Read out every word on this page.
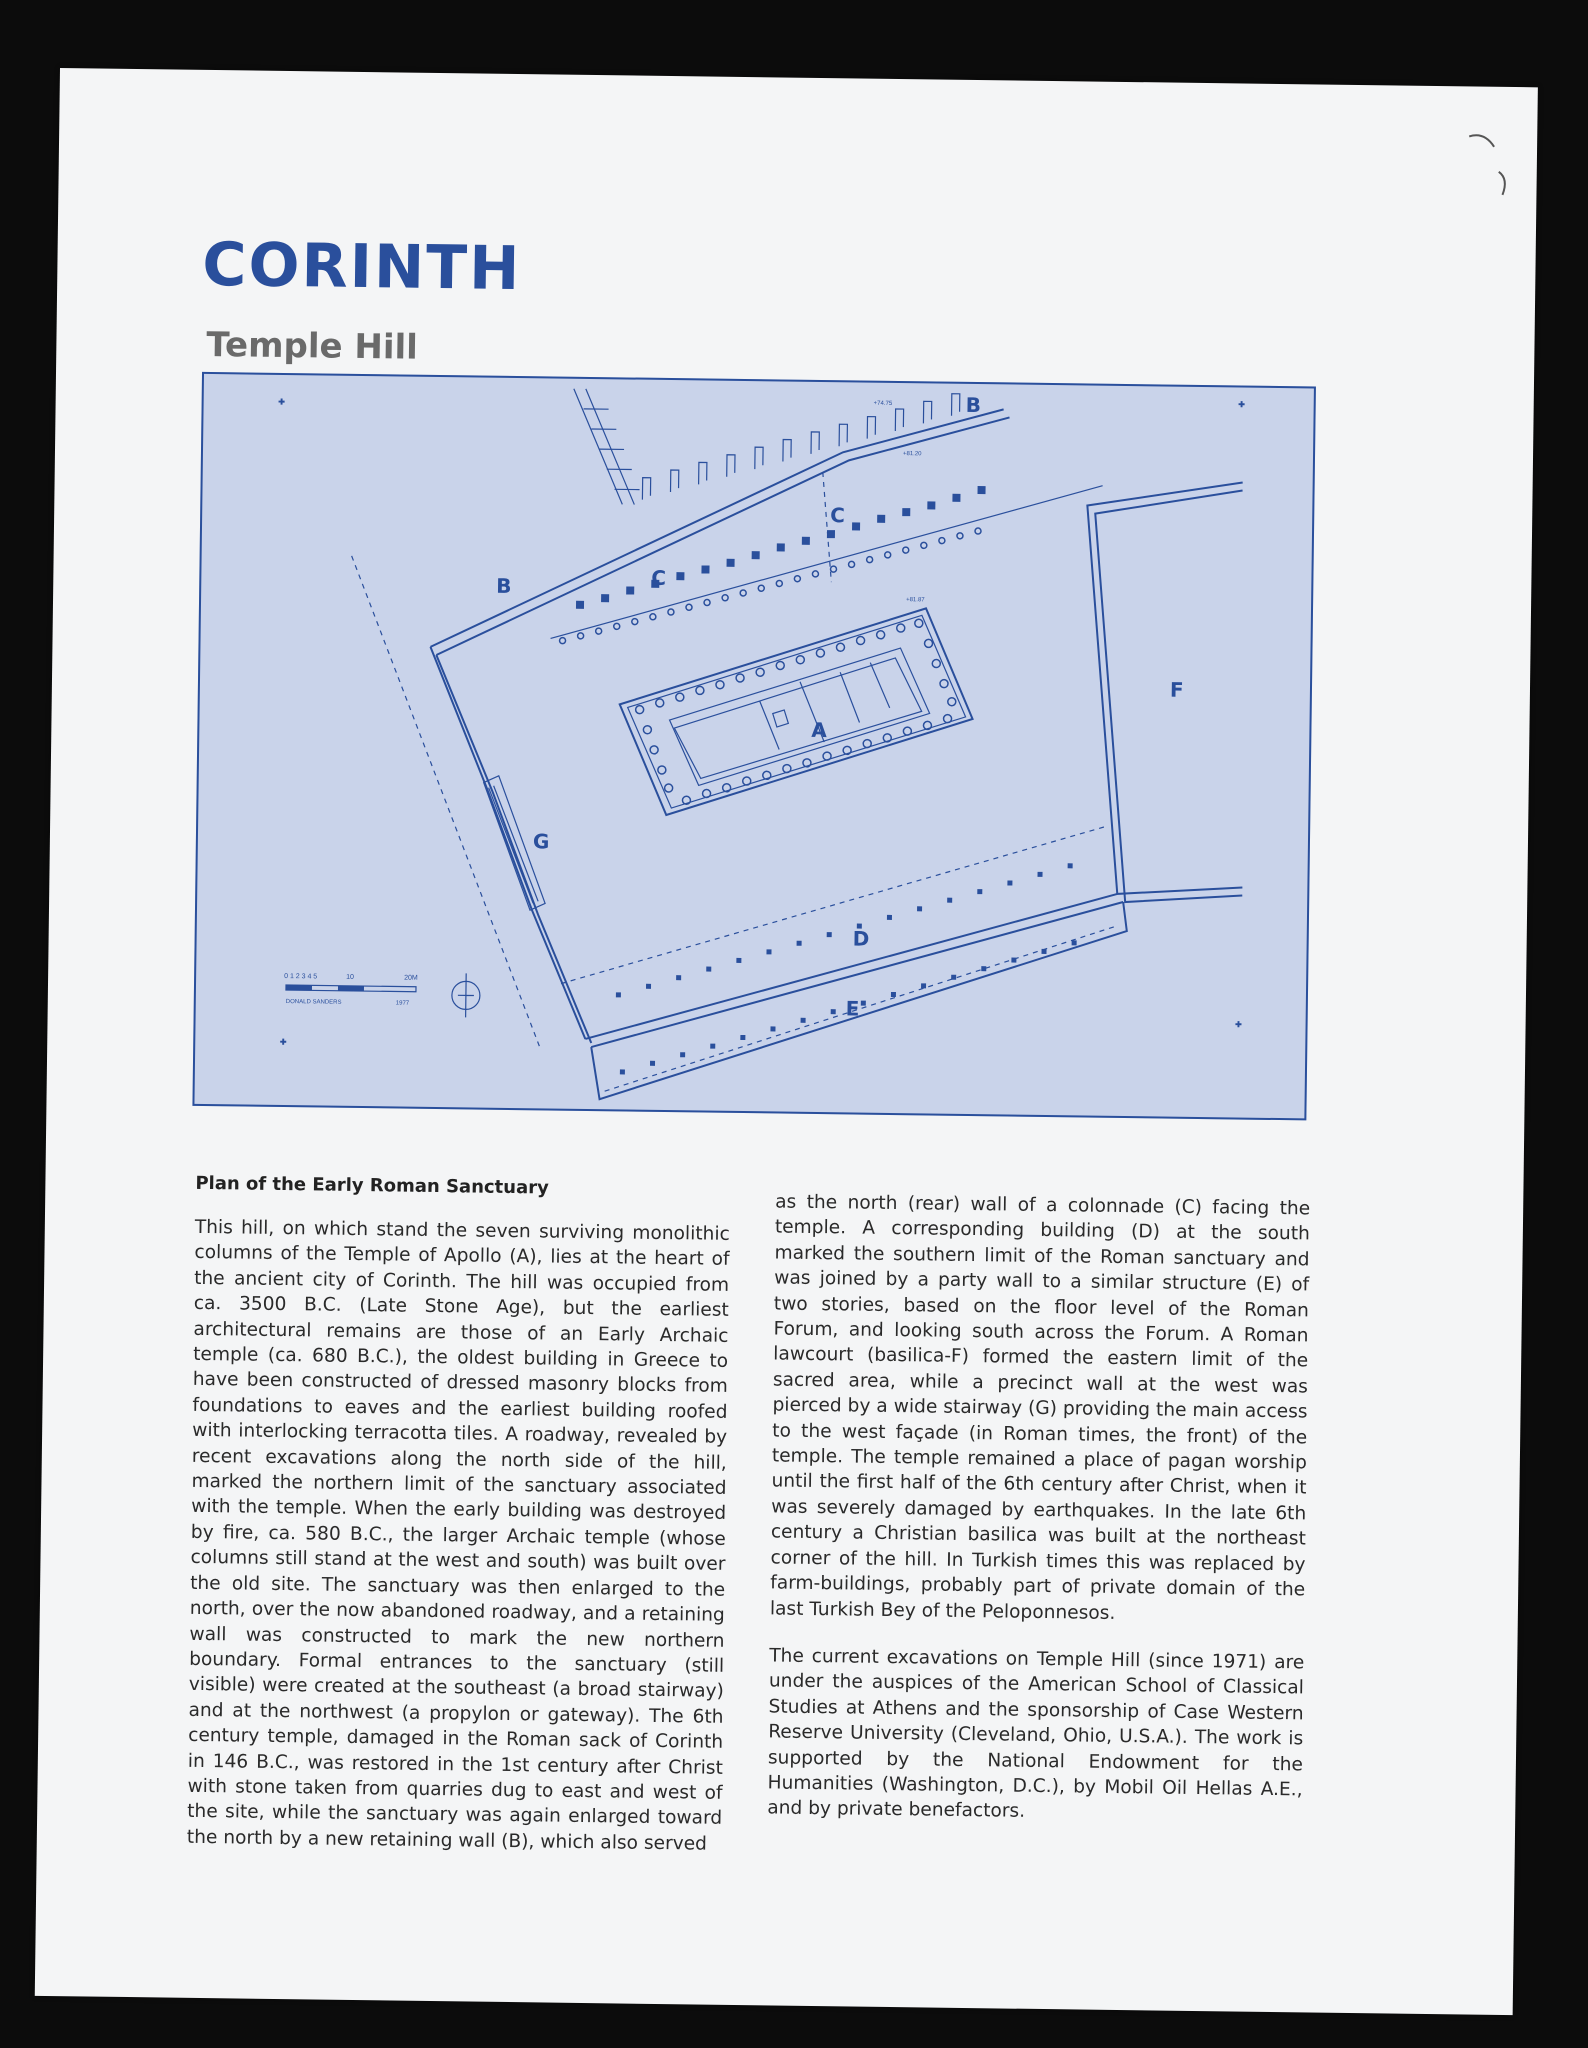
CORINTH
Temple Hill
+	+
+
+
0 1 2 3 4 5	10	20M
DONALD SANDERS	1977
+74.75
+81.20
+81.87
A
B
B
C
C
D
E
F
G
Plan of the Early Roman Sanctuary

This hill, on which stand the seven surviving monolithic columns of the Temple of Apollo (A), lies at the heart of the ancient city of Corinth. The hill was occupied from ca. 3500 B.C. (Late Stone Age), but the earliest architectural remains are those of an Early Archaic temple (ca. 680 B.C.), the oldest building in Greece to have been constructed of dressed masonry blocks from foundations to eaves and the earliest building roofed with interlocking terracotta tiles. A roadway, revealed by recent excavations along the north side of the hill, marked the northern limit of the sanctuary associated with the temple. When the early building was destroyed by fire, ca. 580 B.C., the larger Archaic temple (whose columns still stand at the west and south) was built over the old site. The sanctuary was then enlarged to the north, over the now abandoned roadway, and a retaining wall was constructed to mark the new northern boundary. Formal entrances to the sanctuary (still visible) were created at the southeast (a broad stairway) and at the northwest (a propylon or gateway). The 6th century temple, damaged in the Roman sack of Corinth in 146 B.C., was restored in the 1st century after Christ with stone taken from quarries dug to east and west of the site, while the sanctuary was again enlarged toward the north by a new retaining wall (B), which also served

as the north (rear) wall of a colonnade (C) facing the temple. A corresponding building (D) at the south marked the southern limit of the Roman sanctuary and was joined by a party wall to a similar structure (E) of two stories, based on the floor level of the Roman Forum, and looking south across the Forum. A Roman lawcourt (basilica-F) formed the eastern limit of the sacred area, while a precinct wall at the west was pierced by a wide stairway (G) providing the main access to the west façade (in Roman times, the front) of the temple. The temple remained a place of pagan worship until the first half of the 6th century after Christ, when it was severely damaged by earthquakes. In the late 6th century a Christian basilica was built at the northeast corner of the hill. In Turkish times this was replaced by farm-buildings, probably part of private domain of the last Turkish Bey of the Peloponnesos.

The current excavations on Temple Hill (since 1971) are under the auspices of the American School of Classical Studies at Athens and the sponsorship of Case Western Reserve University (Cleveland, Ohio, U.S.A.). The work is supported by the National Endowment for the Humanities (Washington, D.C.), by Mobil Oil Hellas A.E., and by private benefactors.
